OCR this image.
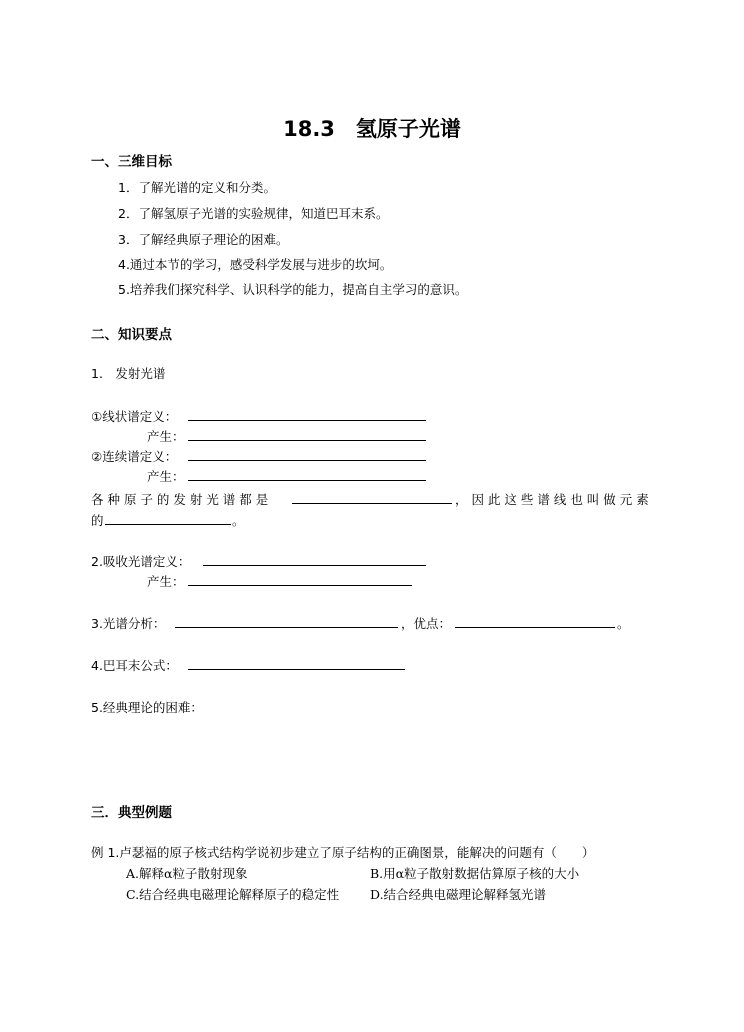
18.3　氢原子光谱
一、三维目标
1．了解光谱的定义和分类。
2．了解氢原子光谱的实验规律，知道巴耳末系。
3．了解经典原子理论的困难。
4.通过本节的学习，感受科学发展与进步的坎坷。
5.培养我们探究科学、认识科学的能力，提高自主学习的意识。
二、知识要点
1.　发射光谱
①线状谱定义：
产生：
②连续谱定义：
产生：
各 种 原 子 的 发 射 光 谱 都 是	， 因 此 这 些 谱 线 也 叫 做 元 素
的	。
2.吸收光谱定义：
产生：
3.光谱分析：	，优点：	。
4.巴耳末公式：
5.经典理论的困难：
三．典型例题
例 1.卢瑟福的原子核式结构学说初步建立了原子结构的正确图景，能解决的问题有（　　）
A.解释α粒子散射现象	B.用α粒子散射数据估算原子核的大小
C.结合经典电磁理论解释原子的稳定性 D.结合经典电磁理论解释氢光谱
